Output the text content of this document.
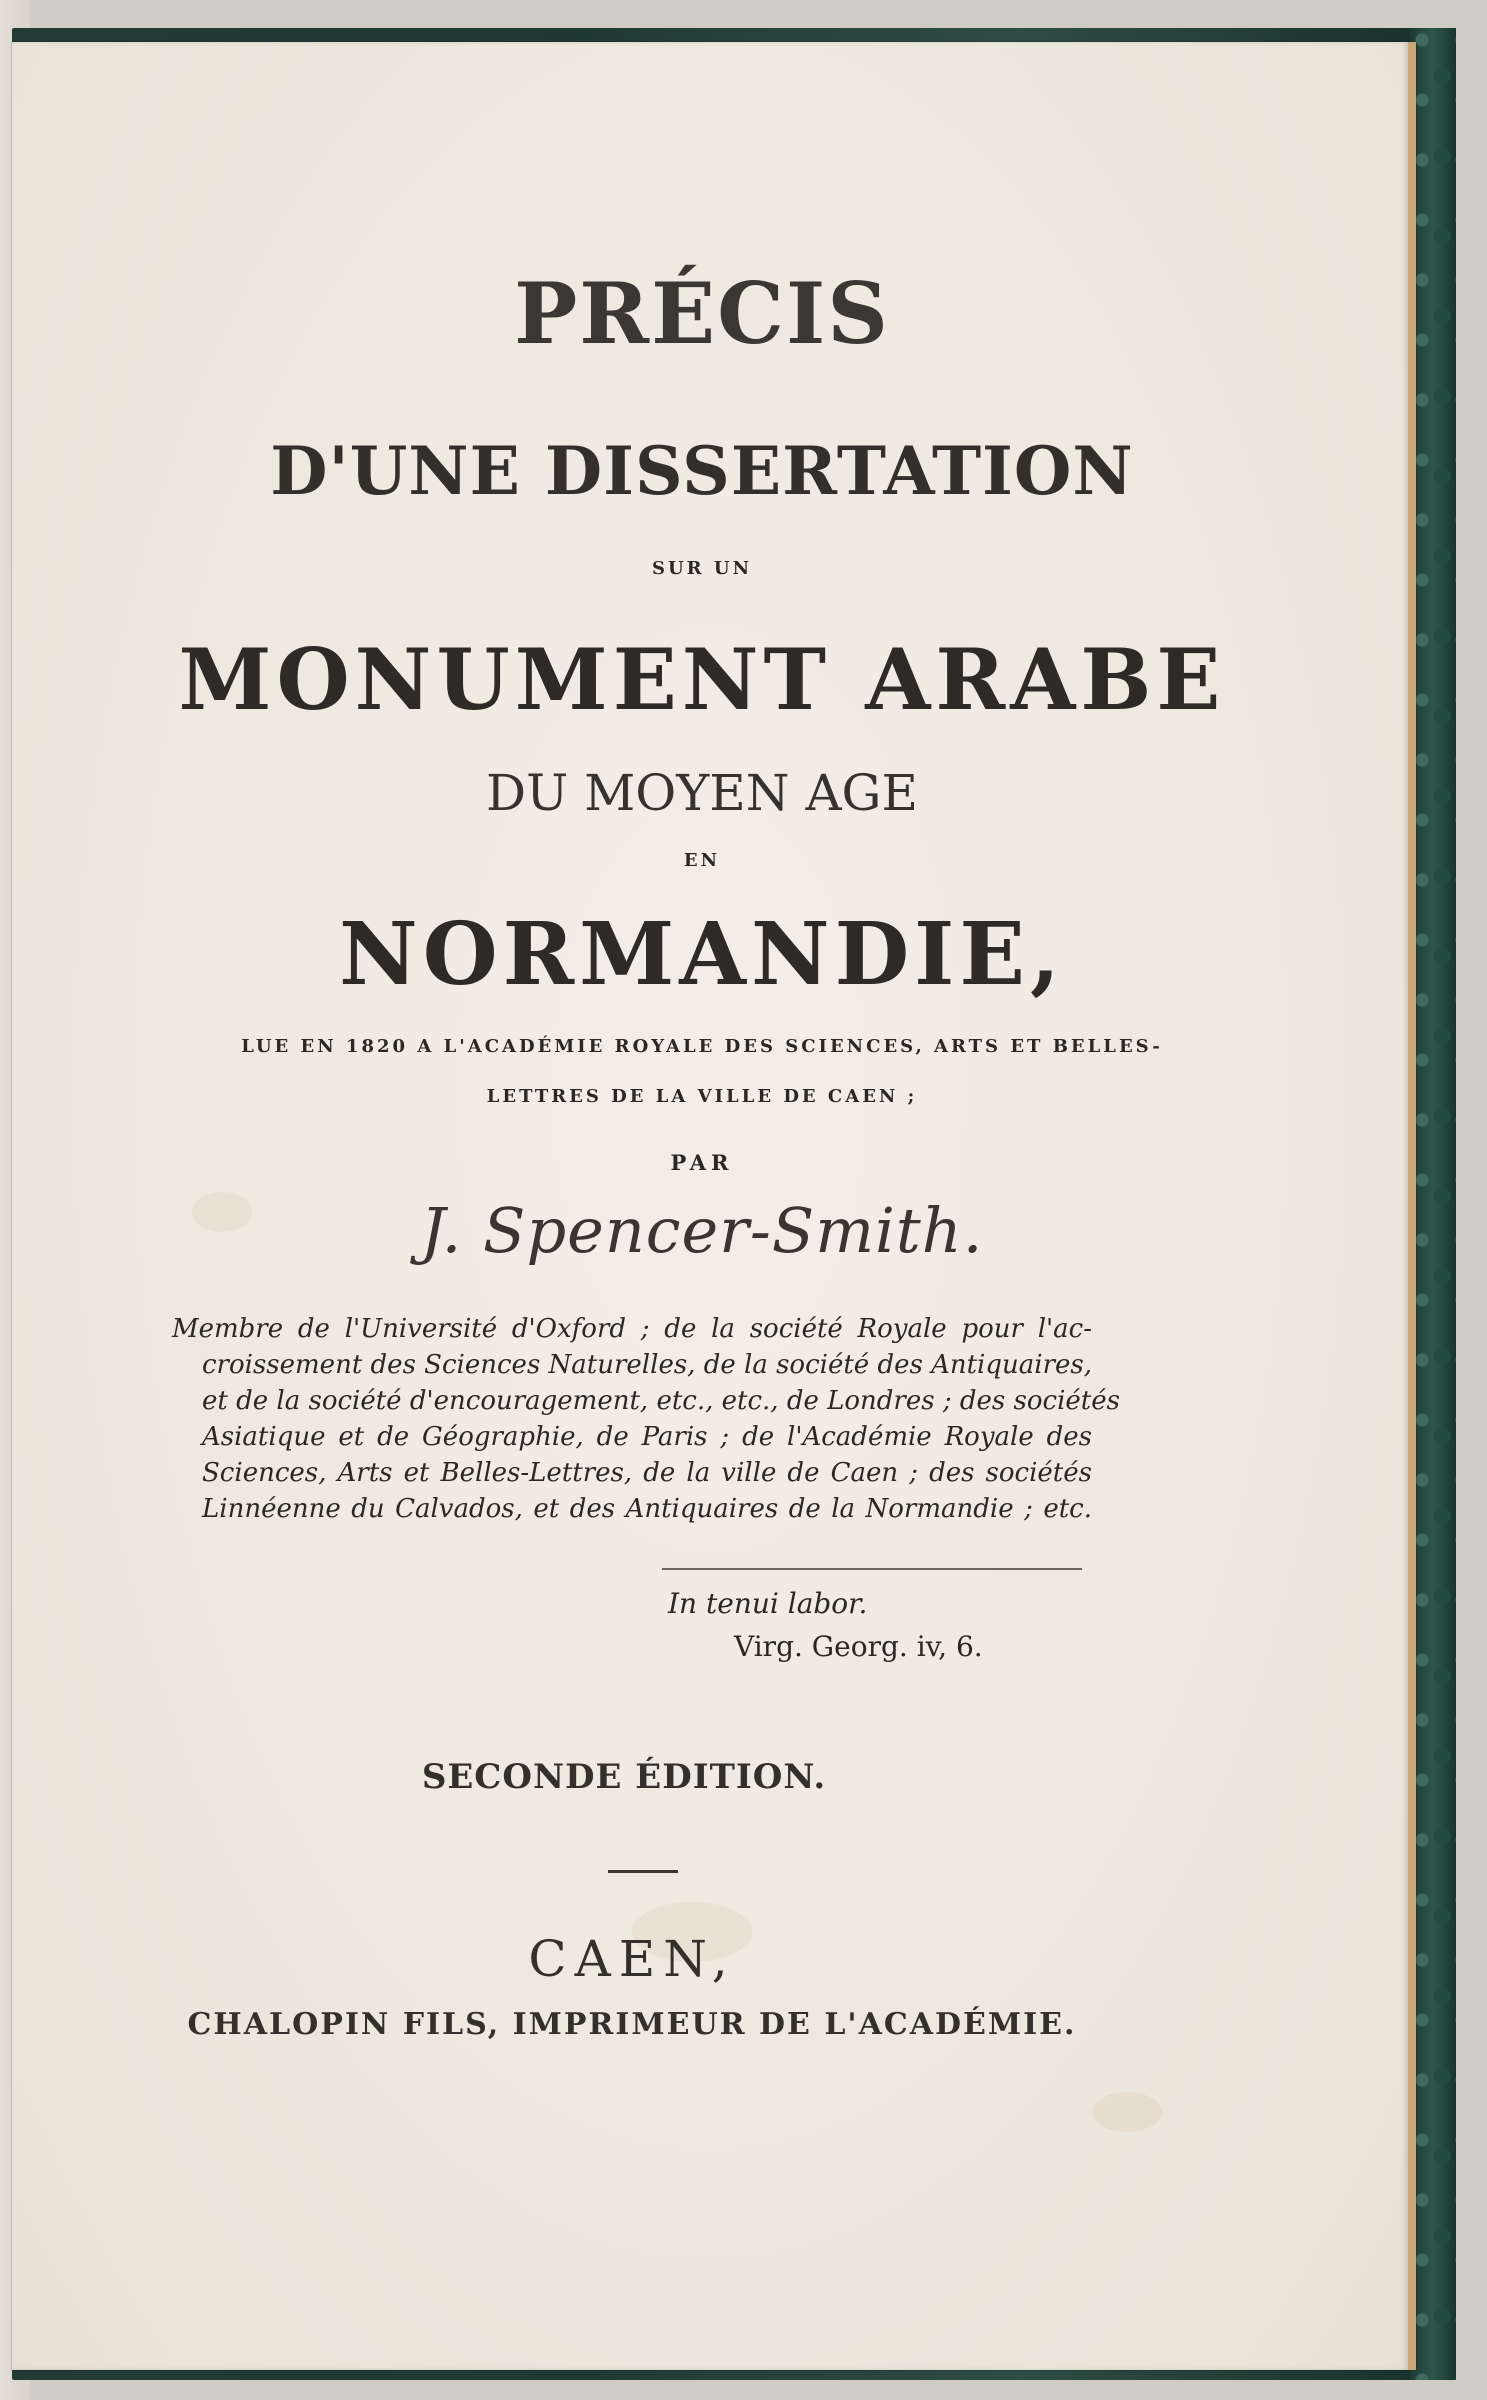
PRÉCIS

D'UNE DISSERTATION

SUR UN

MONUMENT ARABE

DU MOYEN AGE

EN

NORMANDIE,

LUE EN 1820 A L'ACADÉMIE ROYALE DES SCIENCES, ARTS ET BELLES-

LETTRES DE LA VILLE DE CAEN ;

PAR

J. Spencer-Smith.

Membre de l'Université d'Oxford ; de la société Royale pour l'ac-

croissement des Sciences Naturelles, de la société des Antiquaires,

et de la société d'encouragement, etc., etc., de Londres ; des sociétés

Asiatique et de Géographie, de Paris ; de l'Académie Royale des

Sciences, Arts et Belles-Lettres, de la ville de Caen ; des sociétés

Linnéenne du Calvados, et des Antiquaires de la Normandie ; etc.

In tenui labor.

Virg. Georg. iv, 6.

SECONDE ÉDITION.

CAEN,

CHALOPIN FILS, IMPRIMEUR DE L'ACADÉMIE.
